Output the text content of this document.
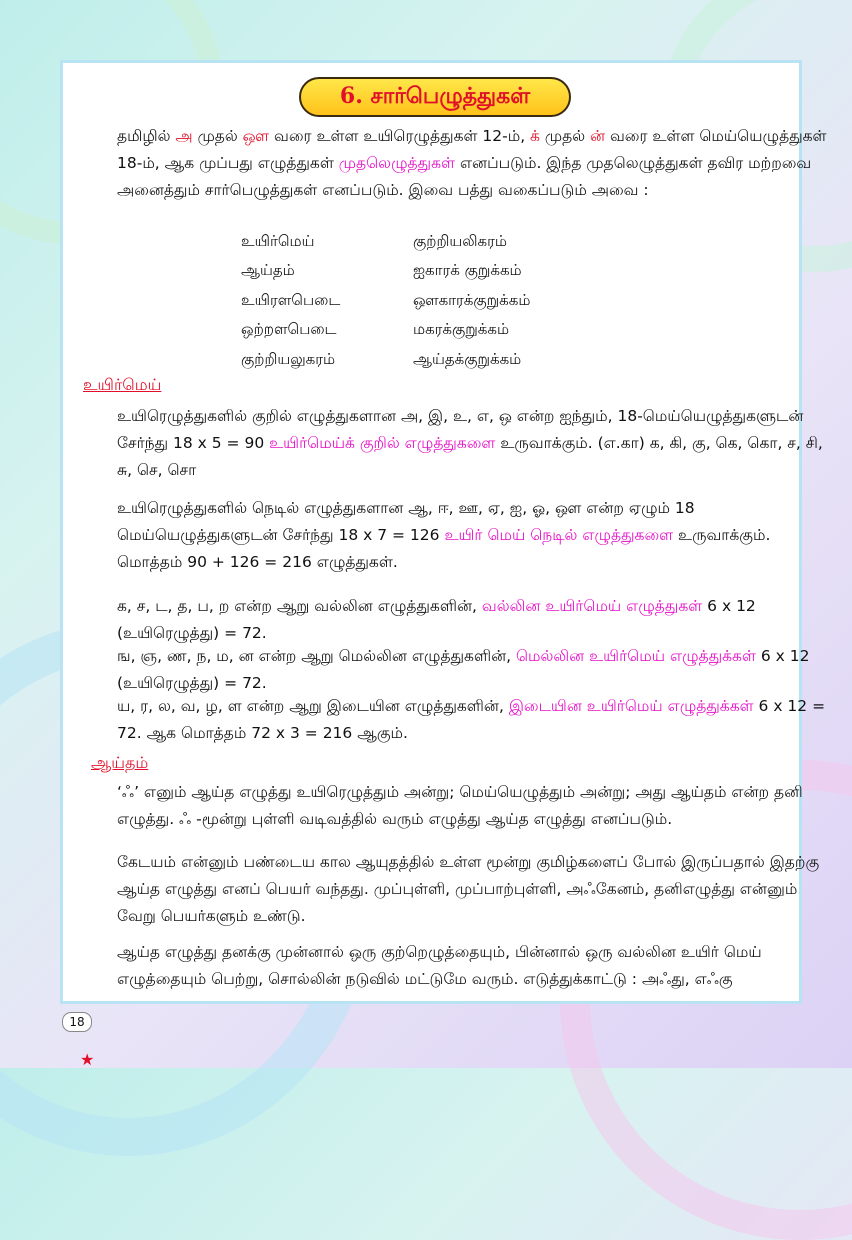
6. சார்பெழுத்துகள்
தமிழில் அ முதல் ஔ வரை உள்ள உயிரெழுத்துகள் 12-ம், க் முதல் ன் வரை உள்ள மெய்யெழுத்துகள் 18-ம், ஆக முப்பது எழுத்துகள் முதலெழுத்துகள் எனப்படும். இந்த முதலெழுத்துகள் தவிர மற்றவை அனைத்தும் சார்பெழுத்துகள் எனப்படும். இவை பத்து வகைப்படும் அவை :
உயிர்மெய்	குற்றியலிகரம்
ஆய்தம்	ஐகாரக் குறுக்கம்
உயிரளபெடை	ஔகாரக்குறுக்கம்
ஒற்றளபெடை	மகரக்குறுக்கம்
குற்றியலுகரம்	ஆய்தக்குறுக்கம்
உயிர்மெய்
உயிரெழுத்துகளில் குறில் எழுத்துகளான அ, இ, உ, எ, ஒ என்ற ஐந்தும், 18-மெய்யெழுத்துகளுடன் சேர்ந்து 18 x 5 = 90 உயிர்மெய்க் குறில் எழுத்துகளை உருவாக்கும். (எ.கா) க, கி, கு, கெ, கொ, ச, சி, சு, செ, சொ
உயிரெழுத்துகளில் நெடில் எழுத்துகளான ஆ, ஈ, ஊ, ஏ, ஐ, ஓ, ஔ என்ற ஏழும் 18 மெய்யெழுத்துகளுடன் சேர்ந்து 18 x 7 = 126 உயிர் மெய் நெடில் எழுத்துகளை உருவாக்கும். மொத்தம் 90 + 126 = 216 எழுத்துகள்.
க, ச, ட, த, ப, ற என்ற ஆறு வல்லின எழுத்துகளின், வல்லின உயிர்மெய் எழுத்துகள் 6 x 12 (உயிரெழுத்து) = 72.
ங, ஞ, ண, ந, ம, ன என்ற ஆறு மெல்லின எழுத்துகளின், மெல்லின உயிர்மெய் எழுத்துக்கள் 6 x 12 (உயிரெழுத்து) = 72.
ய, ர, ல, வ, ழ, ள என்ற ஆறு இடையின எழுத்துகளின், இடையின உயிர்மெய் எழுத்துக்கள் 6 x 12 = 72. ஆக மொத்தம் 72 x 3 = 216 ஆகும்.
ஆய்தம்
‘ஃ’ எனும் ஆய்த எழுத்து உயிரெழுத்தும் அன்று; மெய்யெழுத்தும் அன்று; அது ஆய்தம் என்ற தனி எழுத்து. ஃ -மூன்று புள்ளி வடிவத்தில் வரும் எழுத்து ஆய்த எழுத்து எனப்படும்.
கேடயம் என்னும் பண்டைய கால ஆயுதத்தில் உள்ள மூன்று குமிழ்களைப் போல் இருப்பதால் இதற்கு ஆய்த எழுத்து எனப் பெயர் வந்தது. முப்புள்ளி, முப்பாற்புள்ளி, அஃகேனம், தனிஎழுத்து என்னும் வேறு பெயர்களும் உண்டு.
ஆய்த எழுத்து தனக்கு முன்னால் ஒரு குற்றெழுத்தையும், பின்னால் ஒரு வல்லின உயிர் மெய் எழுத்தையும் பெற்று, சொல்லின் நடுவில் மட்டுமே வரும். எடுத்துக்காட்டு : அஃது, எஃகு
18
★
